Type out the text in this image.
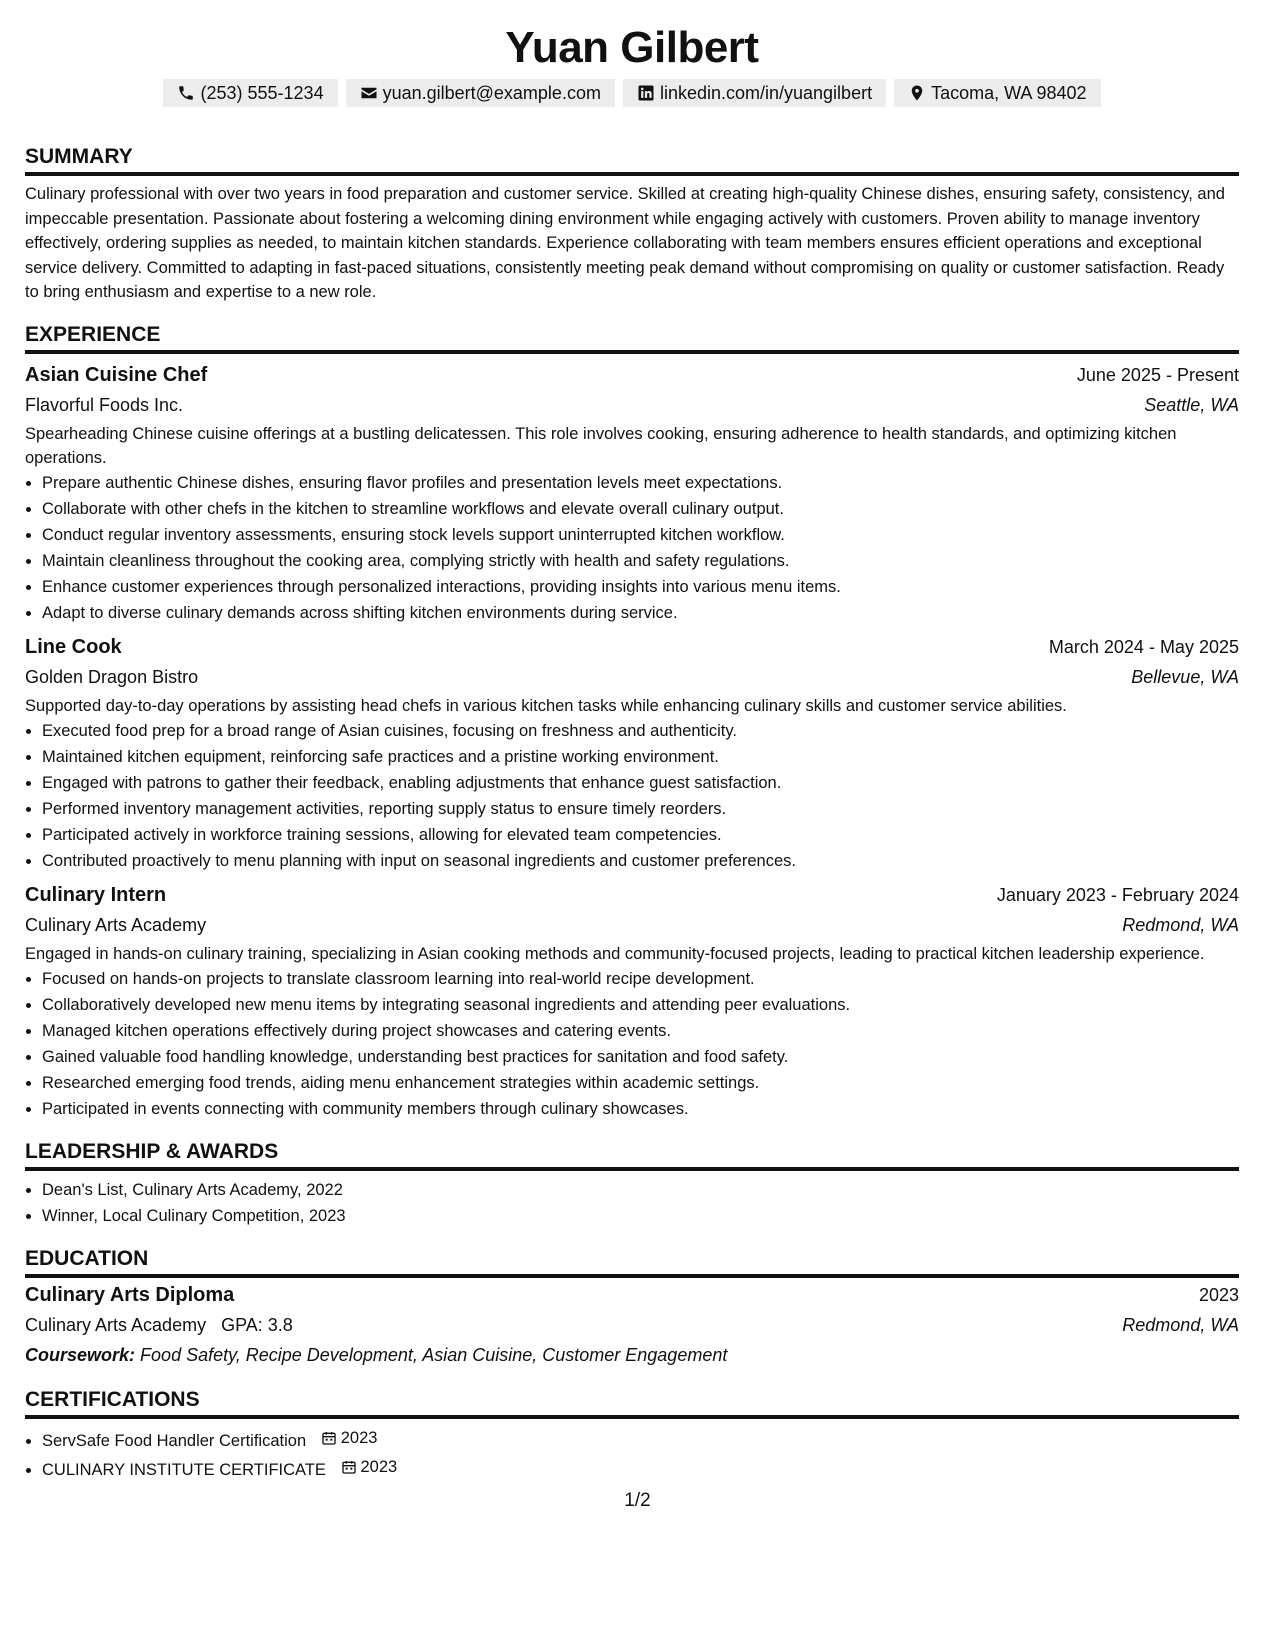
Yuan Gilbert
(253) 555-1234	yuan.gilbert@example.com	linkedin.com/in/yuangilbert	Tacoma, WA 98402
SUMMARY
Culinary professional with over two years in food preparation and customer service. Skilled at creating high-quality Chinese dishes, ensuring safety, consistency, and impeccable presentation. Passionate about fostering a welcoming dining environment while engaging actively with customers. Proven ability to manage inventory effectively, ordering supplies as needed, to maintain kitchen standards. Experience collaborating with team members ensures efficient operations and exceptional service delivery. Committed to adapting in fast-paced situations, consistently meeting peak demand without compromising on quality or customer satisfaction. Ready to bring enthusiasm and expertise to a new role.
EXPERIENCE
Asian Cuisine Chef	June 2025 - Present
Flavorful Foods Inc.	Seattle, WA
Spearheading Chinese cuisine offerings at a bustling delicatessen. This role involves cooking, ensuring adherence to health standards, and optimizing kitchen operations.
• Prepare authentic Chinese dishes, ensuring flavor profiles and presentation levels meet expectations.
• Collaborate with other chefs in the kitchen to streamline workflows and elevate overall culinary output.
• Conduct regular inventory assessments, ensuring stock levels support uninterrupted kitchen workflow.
• Maintain cleanliness throughout the cooking area, complying strictly with health and safety regulations.
• Enhance customer experiences through personalized interactions, providing insights into various menu items.
• Adapt to diverse culinary demands across shifting kitchen environments during service.
Line Cook	March 2024 - May 2025
Golden Dragon Bistro	Bellevue, WA
Supported day-to-day operations by assisting head chefs in various kitchen tasks while enhancing culinary skills and customer service abilities.
• Executed food prep for a broad range of Asian cuisines, focusing on freshness and authenticity.
• Maintained kitchen equipment, reinforcing safe practices and a pristine working environment.
• Engaged with patrons to gather their feedback, enabling adjustments that enhance guest satisfaction.
• Performed inventory management activities, reporting supply status to ensure timely reorders.
• Participated actively in workforce training sessions, allowing for elevated team competencies.
• Contributed proactively to menu planning with input on seasonal ingredients and customer preferences.
Culinary Intern	January 2023 - February 2024
Culinary Arts Academy	Redmond, WA
Engaged in hands-on culinary training, specializing in Asian cooking methods and community-focused projects, leading to practical kitchen leadership experience.
• Focused on hands-on projects to translate classroom learning into real-world recipe development.
• Collaboratively developed new menu items by integrating seasonal ingredients and attending peer evaluations.
• Managed kitchen operations effectively during project showcases and catering events.
• Gained valuable food handling knowledge, understanding best practices for sanitation and food safety.
• Researched emerging food trends, aiding menu enhancement strategies within academic settings.
• Participated in events connecting with community members through culinary showcases.
LEADERSHIP & AWARDS
• Dean's List, Culinary Arts Academy, 2022
• Winner, Local Culinary Competition, 2023
EDUCATION
Culinary Arts Diploma	2023
Culinary Arts Academy GPA: 3.8	Redmond, WA
Coursework: Food Safety, Recipe Development, Asian Cuisine, Customer Engagement
CERTIFICATIONS
• ServSafe Food Handler Certification 2023
• CULINARY INSTITUTE CERTIFICATE 2023
1/2
